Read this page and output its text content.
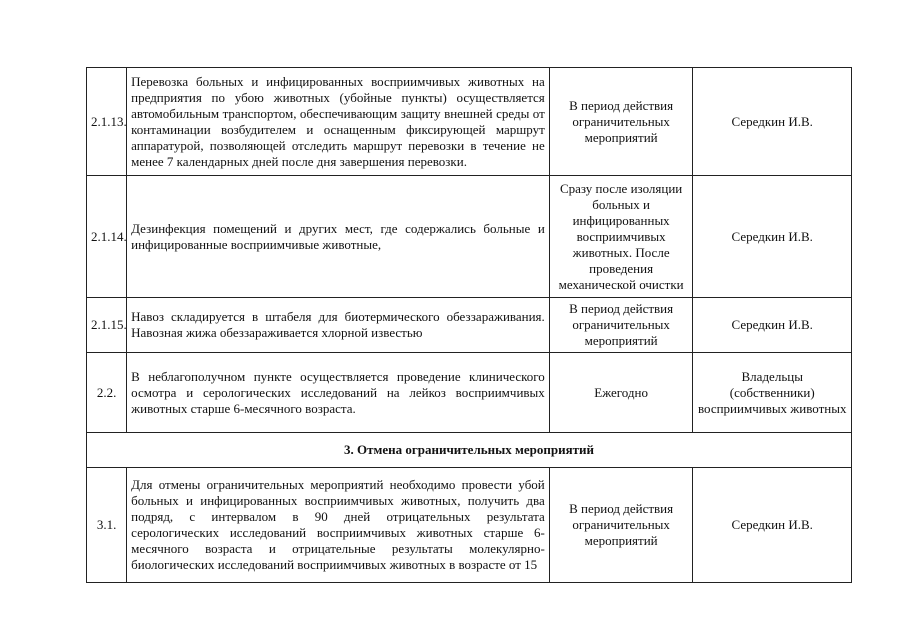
2.1.13.	Перевозка больных и инфицированных восприимчивых животных на предприятия по убою животных (убойные пункты) осуществляется автомобильным транспортом, обеспечивающим защиту внешней среды от контаминации возбудителем и оснащенным фиксирующей маршрут аппаратурой, позволяющей отследить маршрут перевозки в течение не менее 7 календарных дней после дня завершения перевозки.	В период действия ограничительных мероприятий	Середкин И.В.
2.1.14.	Дезинфекция помещений и других мест, где содержались больные и инфицированные восприимчивые животные,	Сразу после изоляции больных и инфицированных восприимчивых животных. После проведения механической очистки	Середкин И.В.
2.1.15.	Навоз складируется в штабеля для биотермического обеззараживания. Навозная жижа обеззараживается хлорной известью	В период действия ограничительных мероприятий	Середкин И.В.
2.2.	В неблагополучном пункте осуществляется проведение клинического осмотра и серологических исследований на лейкоз восприимчивых животных старше 6-месячного возраста.	Ежегодно	Владельцы (собственники) восприимчивых животных
3. Отмена ограничительных мероприятий			
3.1.	Для отмены ограничительных мероприятий необходимо провести убой больных и инфицированных восприимчивых животных, получить два подряд, с интервалом в 90 дней отрицательных результата серологических исследований восприимчивых животных старше 6-месячного возраста и отрицательные результаты молекулярно-биологических исследований восприимчивых животных в возрасте от 15	В период действия ограничительных мероприятий	Середкин И.В.
